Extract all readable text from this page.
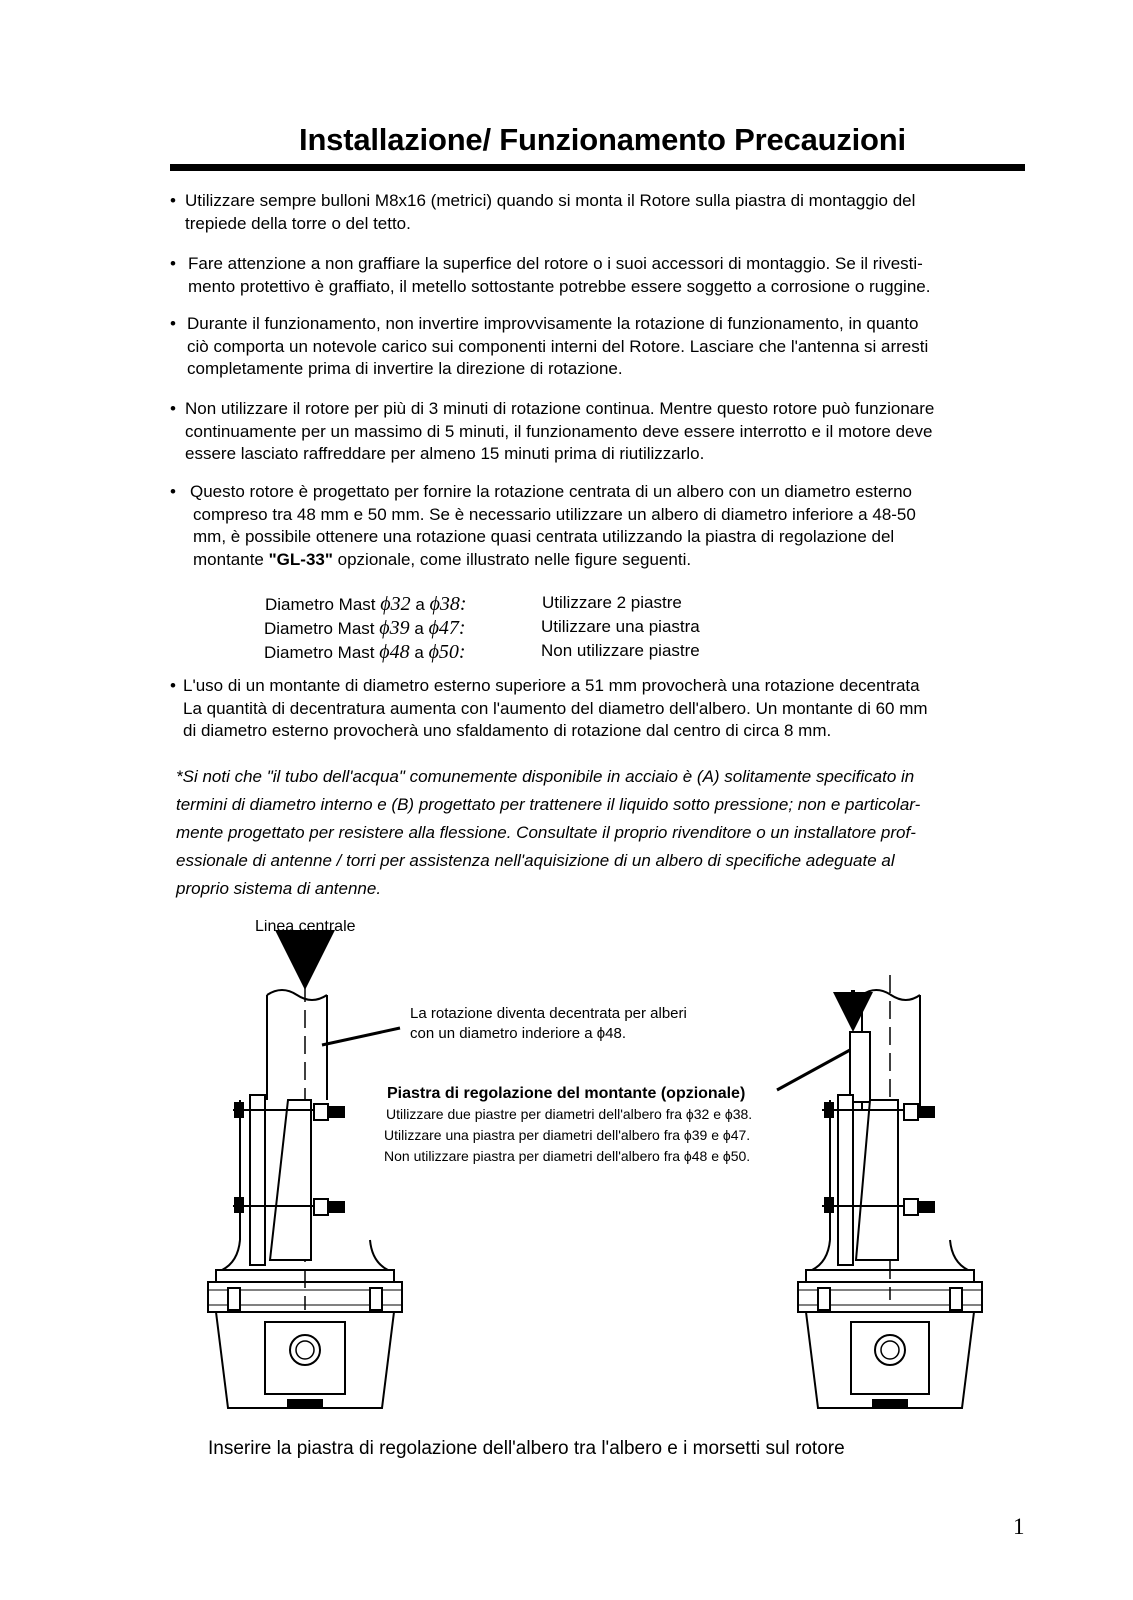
Installazione/ Funzionamento Precauzioni
• Utilizzare sempre bulloni M8x16 (metrici) quando si monta il Rotore sulla piastra di montaggio del
trepiede della torre o del tetto.
• Fare attenzione a non graffiare la superfice del rotore o i suoi accessori di montaggio. Se il rivesti-
mento protettivo è graffiato, il metello sottostante potrebbe essere soggetto a corrosione o ruggine.
• Durante il funzionamento, non invertire improvvisamente la rotazione di funzionamento, in quanto
ciò comporta un notevole carico sui componenti interni del Rotore. Lasciare che l'antenna si arresti
completamente prima di invertire la direzione di rotazione.
• Non utilizzare il rotore per più di 3 minuti di rotazione continua. Mentre questo rotore può funzionare
continuamente per un massimo di 5 minuti, il funzionamento deve essere interrotto e il motore deve
essere lasciato raffreddare per almeno 15 minuti prima di riutilizzarlo.
• Questo rotore è progettato per fornire la rotazione centrata di un albero con un diametro esterno
compreso tra 48 mm e 50 mm. Se è necessario utilizzare un albero di diametro inferiore a 48-50
mm, è possibile ottenere una rotazione quasi centrata utilizzando la piastra di regolazione del
montante "GL-33" opzionale, come illustrato nelle figure seguenti.
Diametro Mast ϕ32 a ϕ38:	Utilizzare 2 piastre
Diametro Mast ϕ39 a ϕ47:	Utilizzare una piastra
Diametro Mast ϕ48 a ϕ50:	Non utilizzare piastre
• L'uso di un montante di diametro esterno superiore a 51 mm provocherà una rotazione decentrata
La quantità di decentratura aumenta con l'aumento del diametro dell'albero. Un montante di 60 mm
di diametro esterno provocherà uno sfaldamento di rotazione dal centro di circa 8 mm.
*Si noti che "il tubo dell'acqua" comunemente disponibile in acciaio è (A) solitamente specificato in
termini di diametro interno e (B) progettato per trattenere il liquido sotto pressione; non e particolar-
mente progettato per resistere alla flessione. Consultate il proprio rivenditore o un installatore prof-
essionale di antenne / torri per assistenza nell'aquisizione di un albero di specifiche adeguate al
proprio sistema di antenne.
Linea centrale
La rotazione diventa decentrata per alberi
con un diametro inderiore a ϕ48.
Piastra di regolazione del montante (opzionale)
Utilizzare due piastre per diametri dell'albero fra ϕ32 e ϕ38.
Utilizzare una piastra per diametri dell'albero fra ϕ39 e ϕ47.
Non utilizzare piastra per diametri dell'albero fra ϕ48 e ϕ50.
Inserire la piastra di regolazione dell'albero tra l'albero e i morsetti sul rotore
1
